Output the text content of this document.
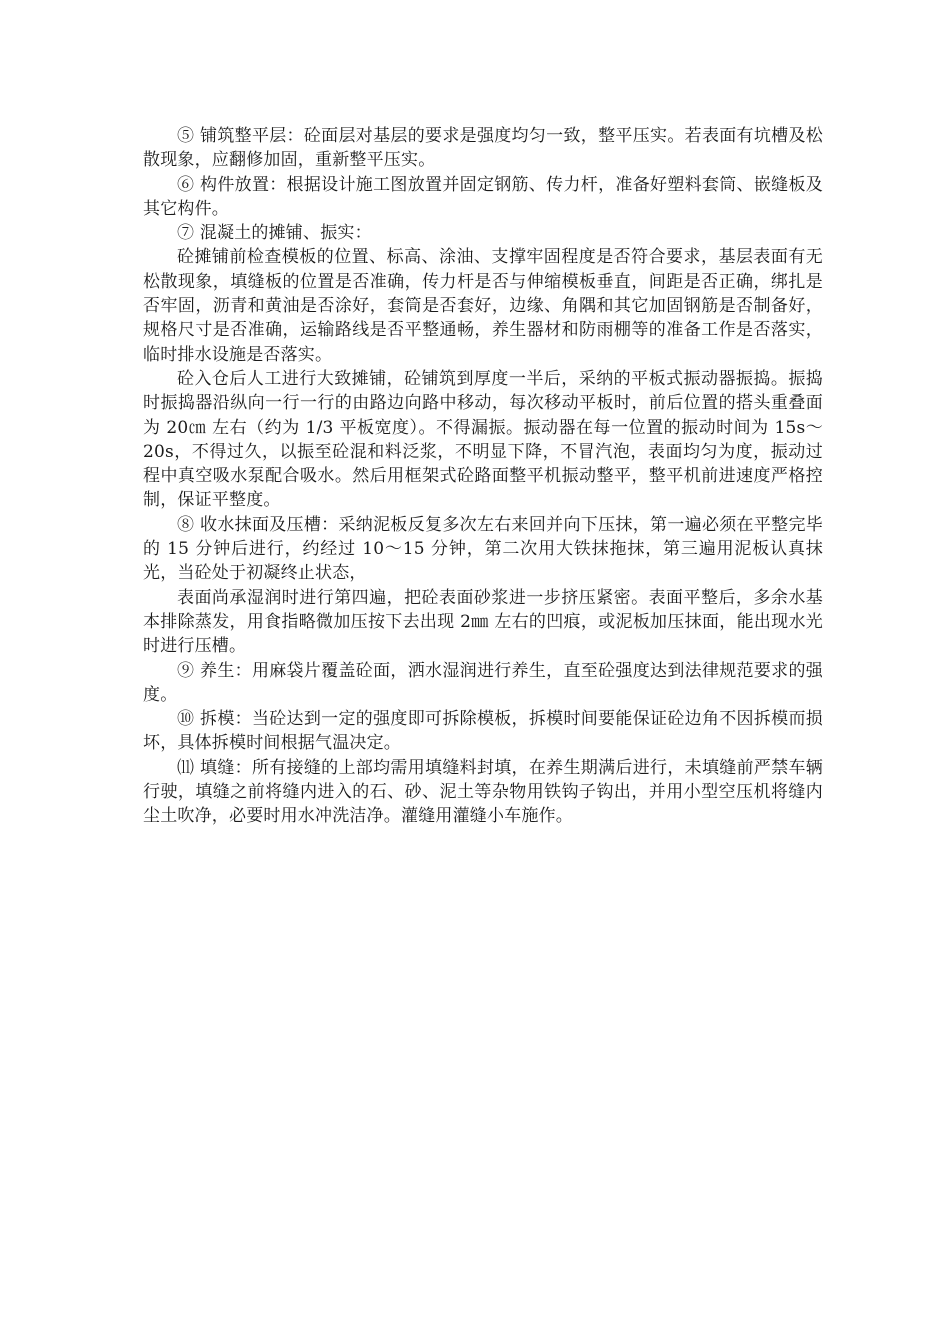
⑤ 铺筑整平层：砼面层对基层的要求是强度均匀一致，整平压实。若表面有坑槽及松散现象，应翻修加固，重新整平压实。

⑥ 构件放置：根据设计施工图放置并固定钢筋、传力杆，准备好塑料套筒、嵌缝板及其它构件。

⑦ 混凝土的摊铺、振实：

砼摊铺前检查模板的位置、标高、涂油、支撑牢固程度是否符合要求，基层表面有无松散现象，填缝板的位置是否准确，传力杆是否与伸缩模板垂直，间距是否正确，绑扎是否牢固，沥青和黄油是否涂好，套筒是否套好，边缘、角隅和其它加固钢筋是否制备好，规格尺寸是否准确，运输路线是否平整通畅，养生器材和防雨棚等的准备工作是否落实，临时排水设施是否落实。

砼入仓后人工进行大致摊铺，砼铺筑到厚度一半后，采纳的平板式振动器振捣。振捣时振捣器沿纵向一行一行的由路边向路中移动，每次移动平板时，前后位置的搭头重叠面为 20㎝ 左右（约为 1/3 平板宽度）。不得漏振。振动器在每一位置的振动时间为 15s～20s，不得过久，以振至砼混和料泛浆，不明显下降，不冒汽泡，表面均匀为度，振动过程中真空吸水泵配合吸水。然后用框架式砼路面整平机振动整平，整平机前进速度严格控制，保证平整度。

⑧ 收水抹面及压槽：采纳泥板反复多次左右来回并向下压抹，第一遍必须在平整完毕的 15 分钟后进行，约经过 10～15 分钟，第二次用大铁抹拖抹，第三遍用泥板认真抹光，当砼处于初凝终止状态，

表面尚承湿润时进行第四遍，把砼表面砂浆进一步挤压紧密。表面平整后，多余水基本排除蒸发，用食指略微加压按下去出现 2㎜ 左右的凹痕，或泥板加压抹面，能出现水光时进行压槽。

⑨ 养生：用麻袋片覆盖砼面，洒水湿润进行养生，直至砼强度达到法律规范要求的强度。

⑩ 拆模：当砼达到一定的强度即可拆除模板，拆模时间要能保证砼边角不因拆模而损坏，具体拆模时间根据气温决定。

⑾ 填缝：所有接缝的上部均需用填缝料封填，在养生期满后进行，未填缝前严禁车辆行驶，填缝之前将缝内进入的石、砂、泥土等杂物用铁钩子钩出，并用小型空压机将缝内尘土吹净，必要时用水冲洗洁净。灌缝用灌缝小车施作。
